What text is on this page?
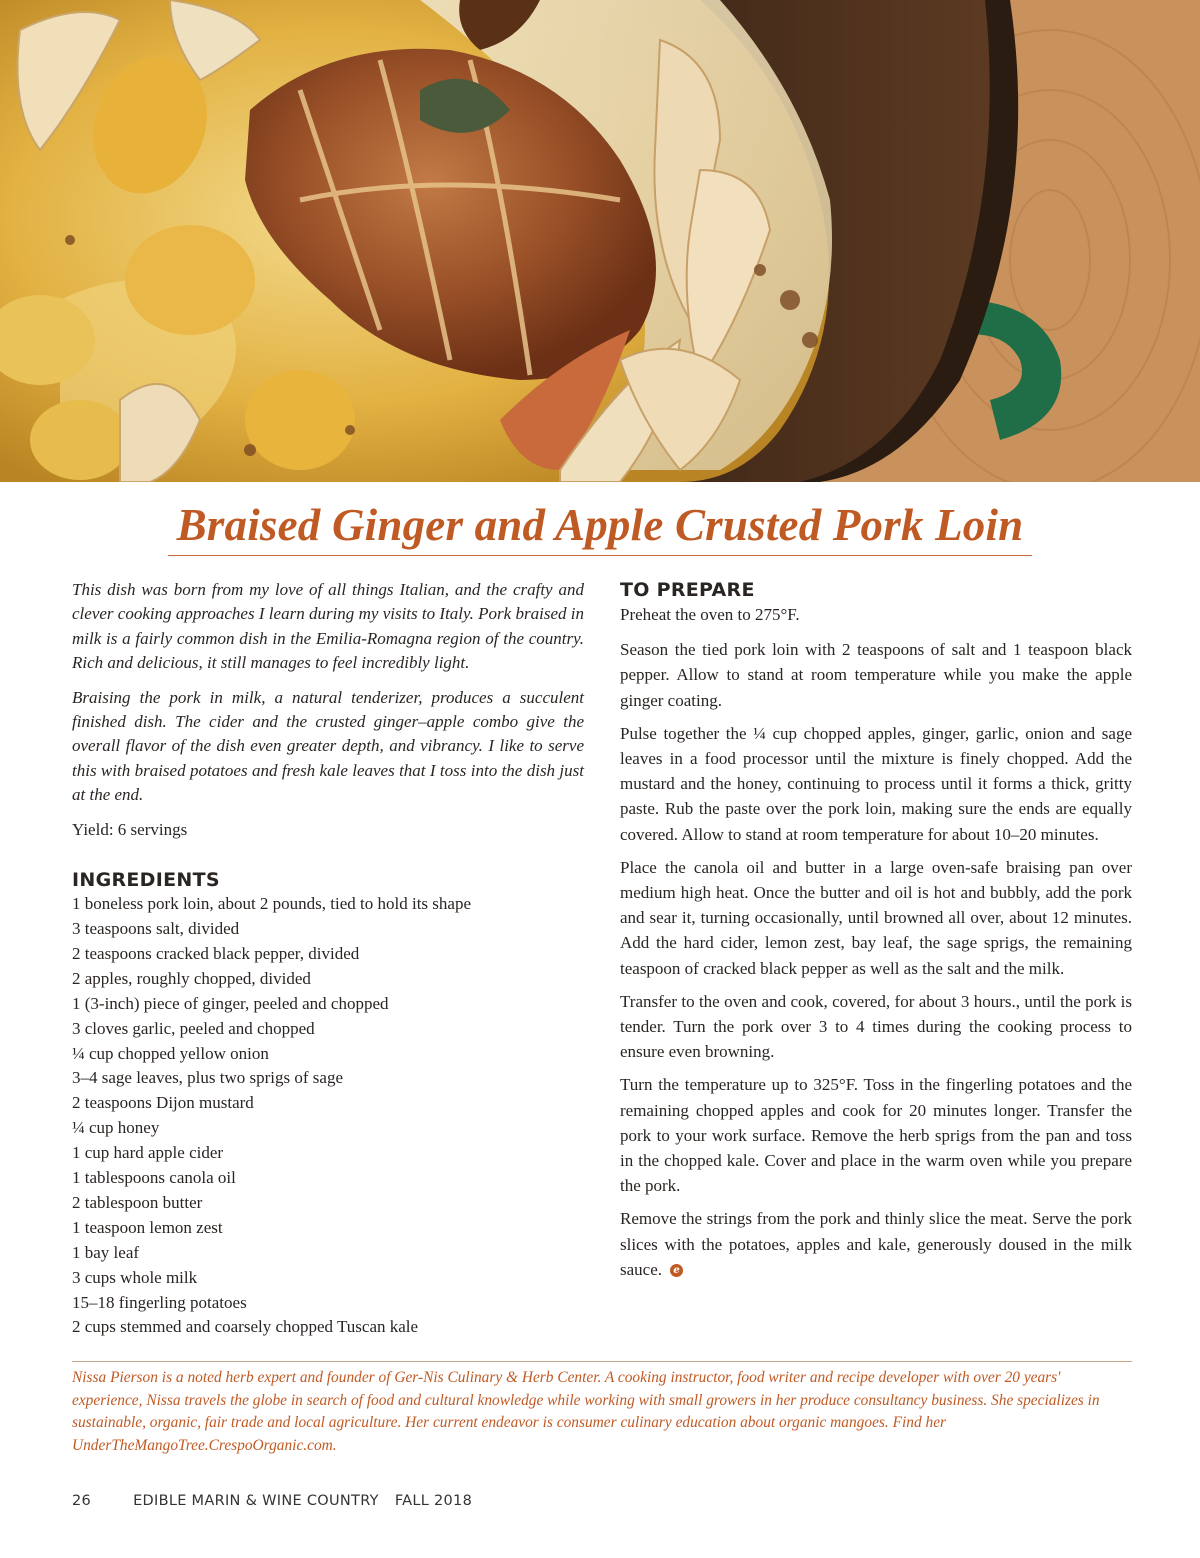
Braised Ginger and Apple Crusted Pork Loin

This dish was born from my love of all things Italian, and the crafty and clever cooking approaches I learn during my visits to Italy. Pork braised in milk is a fairly common dish in the Emilia-Romagna region of the country. Rich and delicious, it still manages to feel incredibly light.

Braising the pork in milk, a natural tenderizer, produces a succulent finished dish. The cider and the crusted ginger–apple combo give the overall flavor of the dish even greater depth, and vibrancy. I like to serve this with braised potatoes and fresh kale leaves that I toss into the dish just at the end.

Yield: 6 servings

INGREDIENTS
1 boneless pork loin, about 2 pounds, tied to hold its shape
3 teaspoons salt, divided
2 teaspoons cracked black pepper, divided
2 apples, roughly chopped, divided
1 (3-inch) piece of ginger, peeled and chopped
3 cloves garlic, peeled and chopped
¼ cup chopped yellow onion
3–4 sage leaves, plus two sprigs of sage
2 teaspoons Dijon mustard
¼ cup honey
1 cup hard apple cider
1 tablespoons canola oil
2 tablespoon butter
1 teaspoon lemon zest
1 bay leaf
3 cups whole milk
15–18 fingerling potatoes
2 cups stemmed and coarsely chopped Tuscan kale
TO PREPARE

Preheat the oven to 275°F.

Season the tied pork loin with 2 teaspoons of salt and 1 teaspoon black pepper. Allow to stand at room temperature while you make the apple ginger coating.

Pulse together the ¼ cup chopped apples, ginger, garlic, onion and sage leaves in a food processor until the mixture is finely chopped. Add the mustard and the honey, continuing to process until it forms a thick, gritty paste. Rub the paste over the pork loin, making sure the ends are equally covered. Allow to stand at room temperature for about 10–20 minutes.

Place the canola oil and butter in a large oven-safe braising pan over medium high heat. Once the butter and oil is hot and bubbly, add the pork and sear it, turning occasionally, until browned all over, about 12 minutes. Add the hard cider, lemon zest, bay leaf, the sage sprigs, the remaining teaspoon of cracked black pepper as well as the salt and the milk.

Transfer to the oven and cook, covered, for about 3 hours., until the pork is tender. Turn the pork over 3 to 4 times during the cooking process to ensure even browning.

Turn the temperature up to 325°F. Toss in the fingerling potatoes and the remaining chopped apples and cook for 20 minutes longer. Transfer the pork to your work surface. Remove the herb sprigs from the pan and toss in the chopped kale. Cover and place in the warm oven while you prepare the pork.

Remove the strings from the pork and thinly slice the meat. Serve the pork slices with the potatoes, apples and kale, generously doused in the milk sauce. e

Nissa Pierson is a noted herb expert and founder of Ger-Nis Culinary & Herb Center. A cooking instructor, food writer and recipe developer with over 20 years' experience, Nissa travels the globe in search of food and cultural knowledge while working with small growers in her produce consultancy business. She specializes in sustainable, organic, fair trade and local agriculture. Her current endeavor is consumer culinary education about organic mangoes. Find her UnderTheMangoTree.CrespoOrganic.com.

26	EDIBLE MARIN & WINE COUNTRY FALL 2018
